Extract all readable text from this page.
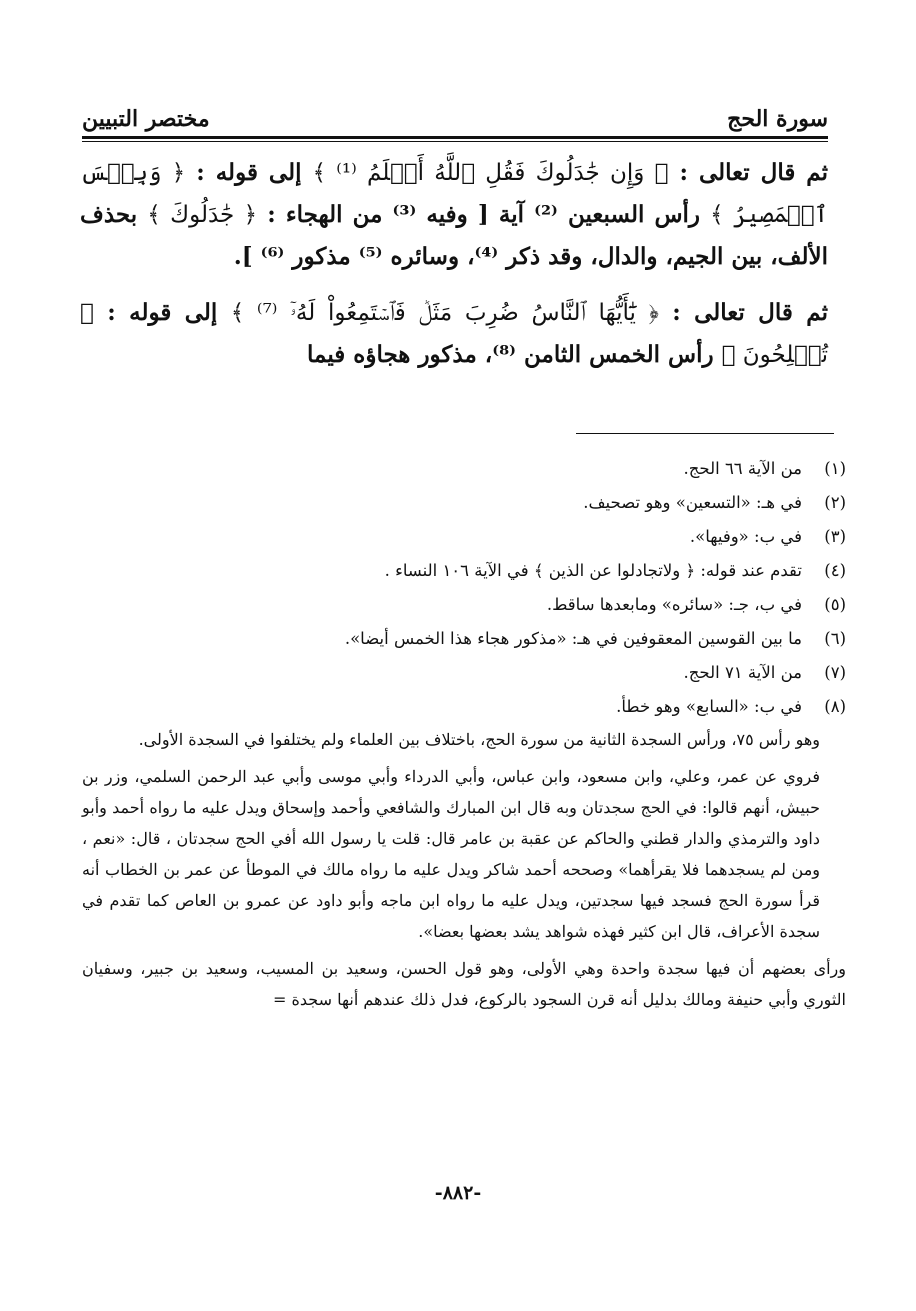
سورة الحج
مختصر التبيين

ثم قال تعالى : ﴿ وَإِن جَٰدَلُوكَ فَقُلِ ٱللَّهُ أَعۡلَمُ ⁽¹⁾ ﴾ إلى قوله : ﴿ وَبِئۡسَ ٱلۡمَصِيرُ ﴾ رأس السبعين ⁽²⁾ آية [ وفيه ⁽³⁾ من الهجاء : ﴿ جَٰدَلُوكَ ﴾ بحذف الألف، بين الجيم، والدال، وقد ذكر ⁽⁴⁾، وسائره ⁽⁵⁾ مذكور ⁽⁶⁾ ].

ثم قال تعالى : ﴿ يَٰٓأَيُّهَا ٱلنَّاسُ ضُرِبَ مَثَلٞ فَٱسۡتَمِعُواْ لَهُۥٓ ⁽⁷⁾ ﴾ إلى قوله : ﴿ تُفۡلِحُونَ ﴾ رأس الخمس الثامن ⁽⁸⁾، مذكور هجاؤه فيما

(١)
من الآية ٦٦ الحج.
(٢)
في هـ: «التسعين» وهو تصحيف.
(٣)
في ب: «وفيها».
(٤)
تقدم عند قوله: ﴿ ولاتجادلوا عن الذين ﴾ في الآية ١٠٦ النساء .
(٥)
في ب، جـ: «سائره» ومابعدها ساقط.
(٦)
ما بين القوسين المعقوفين في هـ: «مذكور هجاء هذا الخمس أيضا».
(٧)
من الآية ٧١ الحج.
(٨)
في ب: «السابع» وهو خطأ.

وهو رأس ٧٥، ورأس السجدة الثانية من سورة الحج، باختلاف بين العلماء ولم يختلفوا في السجدة الأولى.

فروي عن عمر، وعلي، وابن مسعود، وابن عباس، وأبي الدرداء وأبي موسى وأبي عبد الرحمن السلمي، وزر بن حبيش، أنهم قالوا: في الحج سجدتان وبه قال ابن المبارك والشافعي وأحمد وإسحاق ويدل عليه ما رواه أحمد وأبو داود والترمذي والدار قطني والحاكم عن عقبة بن عامر قال: قلت يا رسول الله أفي الحج سجدتان ، قال: «نعم ، ومن لم يسجدهما فلا يقرأهما» وصححه أحمد شاكر ويدل عليه ما رواه مالك في الموطأ عن عمر بن الخطاب أنه قرأ سورة الحج فسجد فيها سجدتين، ويدل عليه ما رواه ابن ماجه وأبو داود عن عمرو بن العاص كما تقدم في سجدة الأعراف، قال ابن كثير فهذه شواهد يشد بعضها بعضا».

ورأى بعضهم أن فيها سجدة واحدة وهي الأولى، وهو قول الحسن، وسعيد بن المسيب، وسعيد بن جبير، وسفيان الثوري وأبي حنيفة ومالك بدليل أنه قرن السجود بالركوع، فدل ذلك عندهم أنها سجدة =

-٨٨٢-
